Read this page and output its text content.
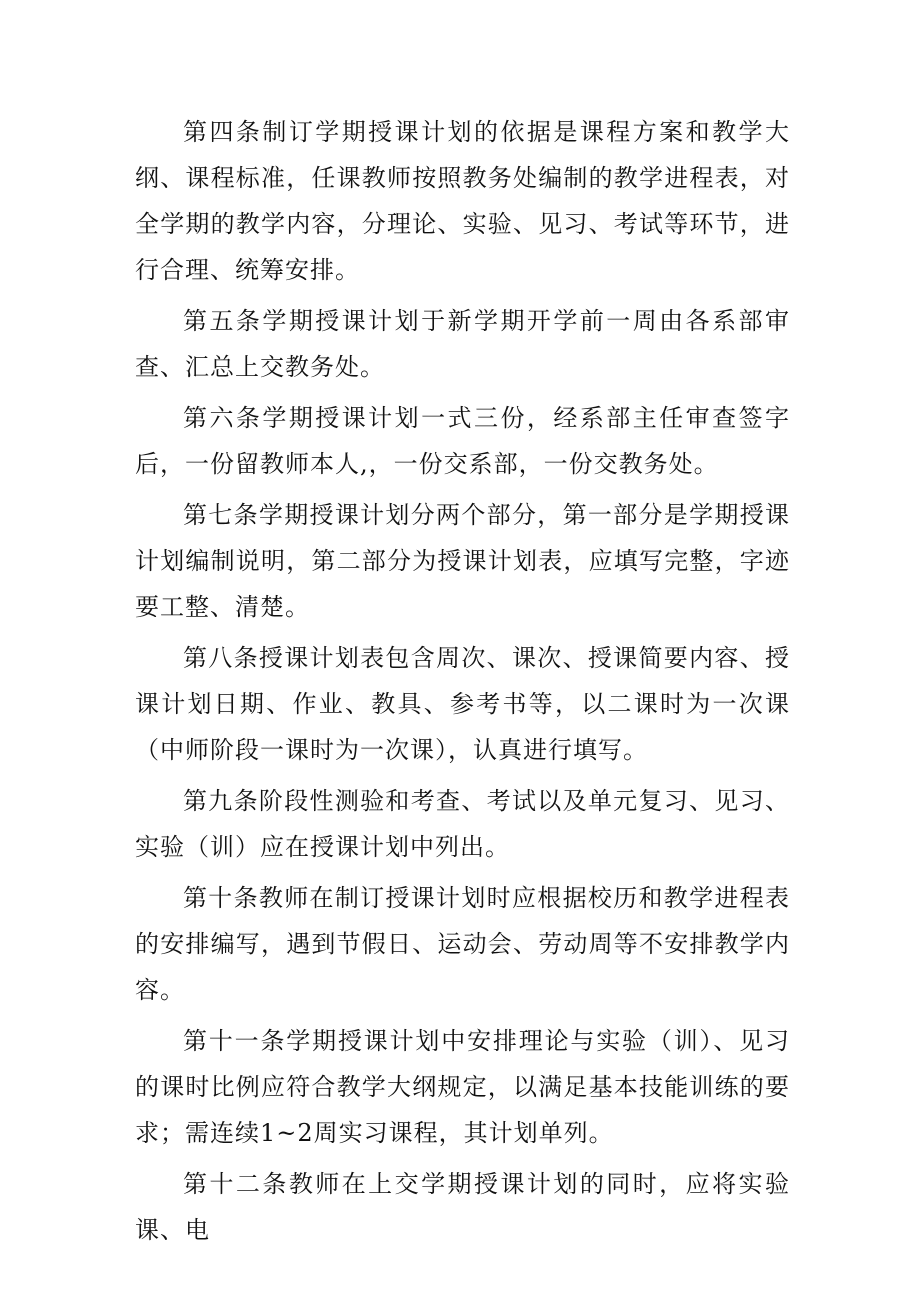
第四条制订学期授课计划的依据是课程方案和教学大纲、课程标准，任课教师按照教务处编制的教学进程表，对全学期的教学内容，分理论、实验、见习、考试等环节，进行合理、统筹安排。

第五条学期授课计划于新学期开学前一周由各系部审查、汇总上交教务处。

第六条学期授课计划一式三份，经系部主任审查签字后，一份留教师本人,，一份交系部，一份交教务处。

第七条学期授课计划分两个部分，第一部分是学期授课计划编制说明，第二部分为授课计划表，应填写完整，字迹要工整、清楚。

第八条授课计划表包含周次、课次、授课简要内容、授课计划日期、作业、教具、参考书等，以二课时为一次课（中师阶段一课时为一次课），认真进行填写。

第九条阶段性测验和考查、考试以及单元复习、见习、实验（训）应在授课计划中列出。

第十条教师在制订授课计划时应根据校历和教学进程表的安排编写，遇到节假日、运动会、劳动周等不安排教学内容。

第十一条学期授课计划中安排理论与实验（训）、见习的课时比例应符合教学大纲规定，以满足基本技能训练的要求；需连续1~2周实习课程，其计划单列。

第十二条教师在上交学期授课计划的同时，应将实验课、电
